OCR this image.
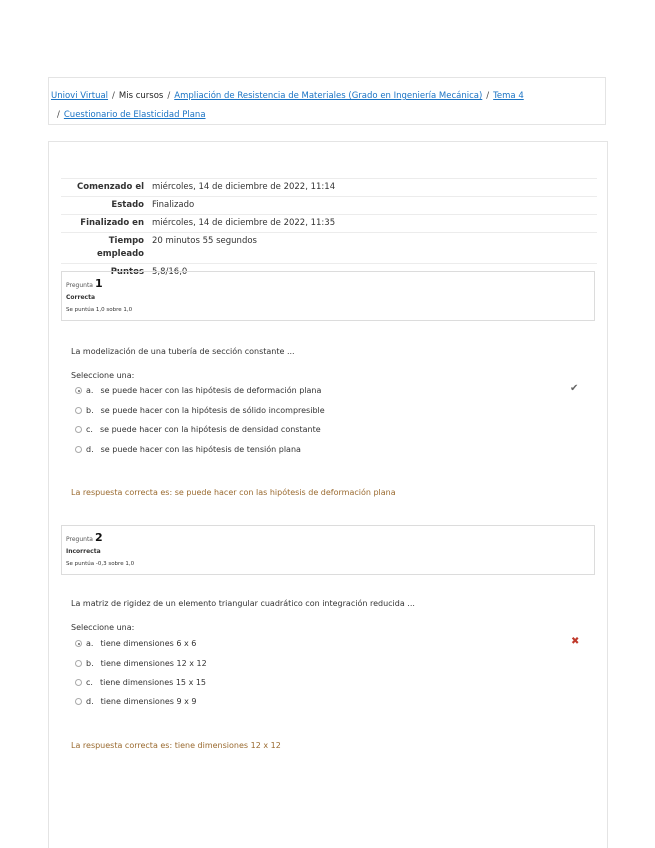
Uniovi Virtual / Mis cursos / Ampliación de Resistencia de Materiales (Grado en Ingeniería Mecánica) / Tema 4
/ Cuestionario de Elasticidad Plana
Comenzado el	miércoles, 14 de diciembre de 2022, 11:14
Estado	Finalizado
Finalizado en	miércoles, 14 de diciembre de 2022, 11:35
Tiempo empleado	20 minutos 55 segundos
Puntos	5,8/16,0
Pregunta 1
Correcta
Se puntúa 1,0 sobre 1,0
La modelización de una tubería de sección constante ...
Seleccione una:
a. se puede hacer con las hipótesis de deformación plana
b. se puede hacer con la hipótesis de sólido incompresible
c. se puede hacer con la hipótesis de densidad constante
d. se puede hacer con las hipótesis de tensión plana
✔
La respuesta correcta es: se puede hacer con las hipótesis de deformación plana
Pregunta 2
Incorrecta
Se puntúa -0,3 sobre 1,0
La matriz de rigidez de un elemento triangular cuadrático con integración reducida ...
Seleccione una:
a. tiene dimensiones 6 x 6
b. tiene dimensiones 12 x 12
c. tiene dimensiones 15 x 15
d. tiene dimensiones 9 x 9
✖
La respuesta correcta es: tiene dimensiones 12 x 12
